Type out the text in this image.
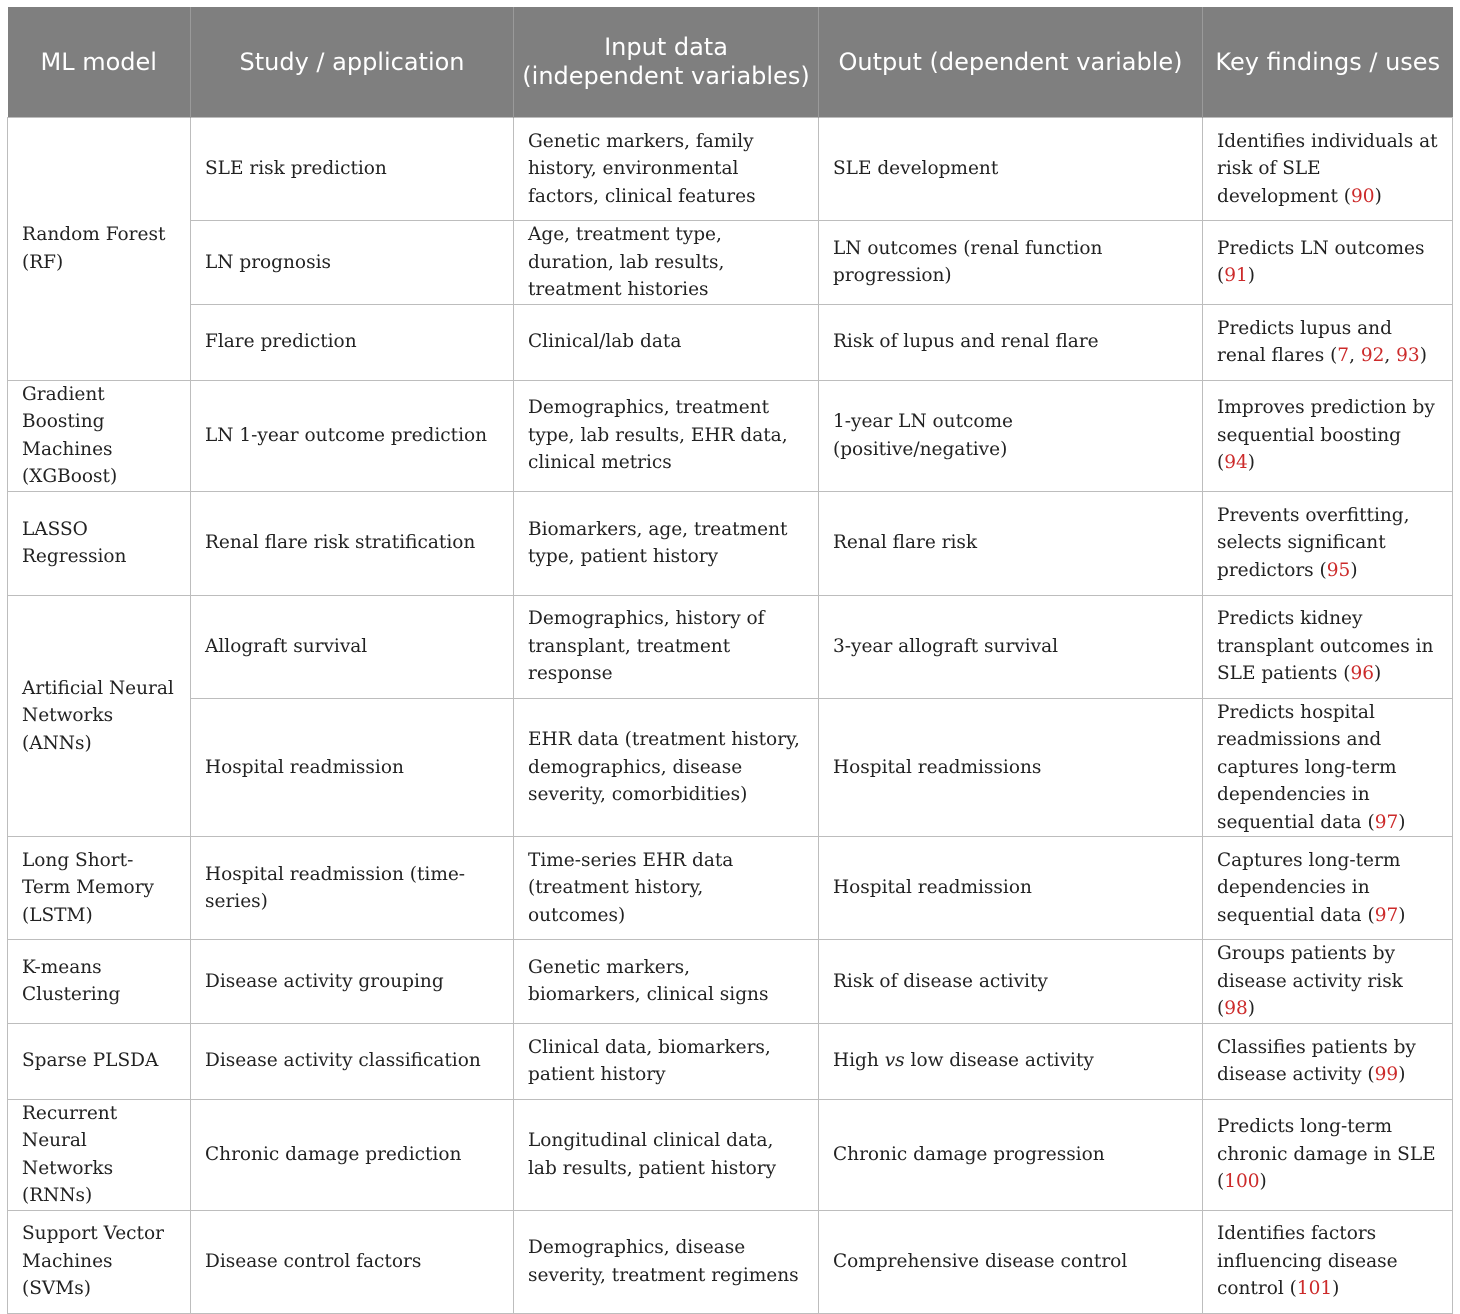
ML model	Study / application	Input data (independent variables)	Output (dependent variable)	Key findings / uses
Random Forest (RF)	SLE risk prediction	Genetic markers, family history, environmental factors, clinical features	SLE development	Identifies individuals at risk of SLE development (90)
	LN prognosis	Age, treatment type, duration, lab results, treatment histories	LN outcomes (renal function progression)	Predicts LN outcomes (91)
	Flare prediction	Clinical/lab data	Risk of lupus and renal flare	Predicts lupus and renal flares (7, 92, 93)
Gradient Boosting Machines (XGBoost)	LN 1-year outcome prediction	Demographics, treatment type, lab results, EHR data, clinical metrics	1-year LN outcome (positive/negative)	Improves prediction by sequential boosting (94)
LASSO Regression	Renal flare risk stratification	Biomarkers, age, treatment type, patient history	Renal flare risk	Prevents overfitting, selects significant predictors (95)
Artificial Neural Networks (ANNs)	Allograft survival	Demographics, history of transplant, treatment response	3-year allograft survival	Predicts kidney transplant outcomes in SLE patients (96)
	Hospital readmission	EHR data (treatment history, demographics, disease severity, comorbidities)	Hospital readmissions	Predicts hospital readmissions and captures long-term dependencies in sequential data (97)
Long Short-Term Memory (LSTM)	Hospital readmission (time-series)	Time-series EHR data (treatment history, outcomes)	Hospital readmission	Captures long-term dependencies in sequential data (97)
K-means Clustering	Disease activity grouping	Genetic markers, biomarkers, clinical signs	Risk of disease activity	Groups patients by disease activity risk (98)
Sparse PLSDA	Disease activity classification	Clinical data, biomarkers, patient history	High vs low disease activity	Classifies patients by disease activity (99)
Recurrent Neural Networks (RNNs)	Chronic damage prediction	Longitudinal clinical data, lab results, patient history	Chronic damage progression	Predicts long-term chronic damage in SLE (100)
Support Vector Machines (SVMs)	Disease control factors	Demographics, disease severity, treatment regimens	Comprehensive disease control	Identifies factors influencing disease control (101)
